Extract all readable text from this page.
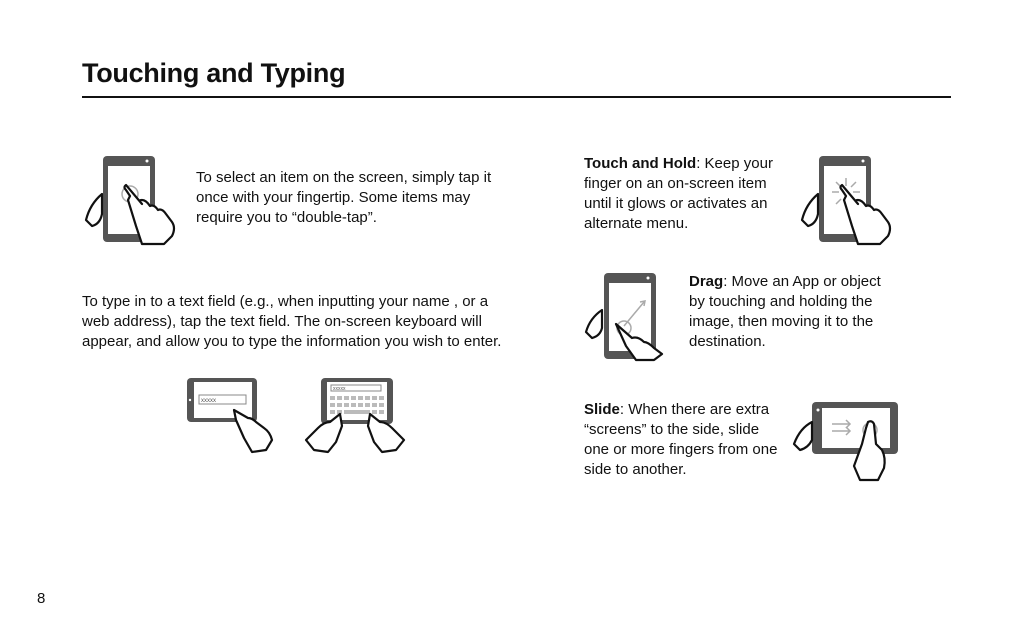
Touching and Typing
To select an item on the screen, simply tap it once with your fingertip. Some items may require you to “double-tap”.
To type in to a text field (e.g., when inputting your name , or a web address), tap the text field. The on-screen keyboard will appear, and allow you to type the information you wish to enter.
xxxxx
xxxxx
Touch and Hold: Keep your finger on an on-screen item until it glows or activates an alternate menu.
Drag: Move an App or object by touching and holding the image, then moving it to the destination.
Slide: When there are extra “screens” to the side, slide one or more fingers from one side to another.
8
